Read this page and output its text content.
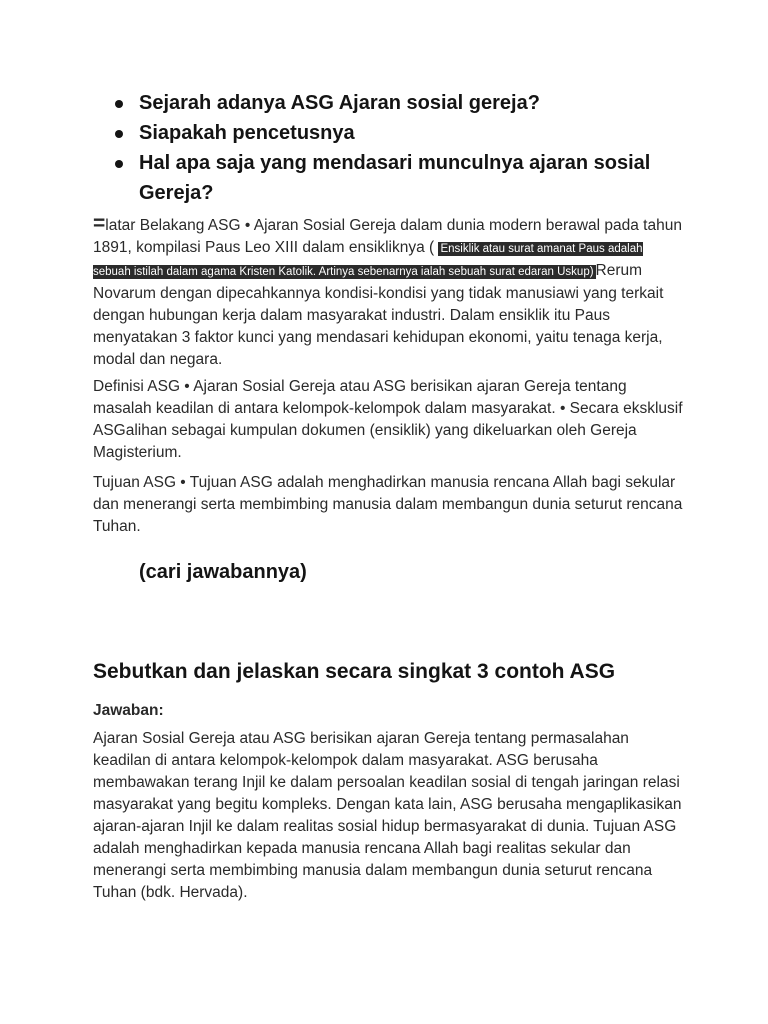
Sejarah adanya ASG Ajaran sosial gereja?
Siapakah pencetusnya
Hal apa saja yang mendasari munculnya ajaran sosial Gereja?

=latar Belakang ASG • Ajaran Sosial Gereja dalam dunia modern berawal pada tahun 1891, kompilasi Paus Leo XIII dalam ensikliknya ( Ensiklik atau surat amanat Paus adalah sebuah istilah dalam agama Kristen Katolik. Artinya sebenarnya ialah sebuah surat edaran Uskup) Rerum Novarum dengan dipecahkannya kondisi-kondisi yang tidak manusiawi yang terkait dengan hubungan kerja dalam masyarakat industri. Dalam ensiklik itu Paus menyatakan 3 faktor kunci yang mendasari kehidupan ekonomi, yaitu tenaga kerja, modal dan negara.

Definisi ASG • Ajaran Sosial Gereja atau ASG berisikan ajaran Gereja tentang masalah keadilan di antara kelompok-kelompok dalam masyarakat. • Secara eksklusif ASGalihan sebagai kumpulan dokumen (ensiklik) yang dikeluarkan oleh Gereja Magisterium.

Tujuan ASG • Tujuan ASG adalah menghadirkan manusia rencana Allah bagi sekular dan menerangi serta membimbing manusia dalam membangun dunia seturut rencana Tuhan.

(cari jawabannya)
Sebutkan dan jelaskan secara singkat 3 contoh ASG
Jawaban:

Ajaran Sosial Gereja atau ASG berisikan ajaran Gereja tentang permasalahan keadilan di antara kelompok-kelompok dalam masyarakat. ASG berusaha membawakan terang Injil ke dalam persoalan keadilan sosial di tengah jaringan relasi masyarakat yang begitu kompleks. Dengan kata lain, ASG berusaha mengaplikasikan ajaran-ajaran Injil ke dalam realitas sosial hidup bermasyarakat di dunia. Tujuan ASG adalah menghadirkan kepada manusia rencana Allah bagi realitas sekular dan menerangi serta membimbing manusia dalam membangun dunia seturut rencana Tuhan (bdk. Hervada).
